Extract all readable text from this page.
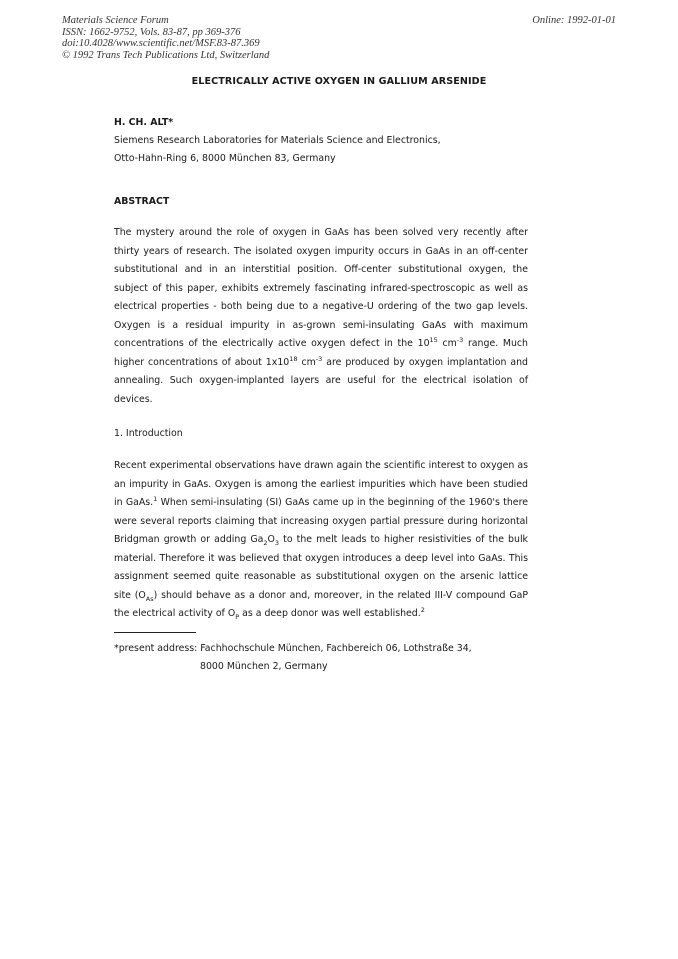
Materials Science Forum
ISSN: 1662-9752, Vols. 83-87, pp 369-376
doi:10.4028/www.scientific.net/MSF.83-87.369
© 1992 Trans Tech Publications Ltd, Switzerland
Online: 1992-01-01
ELECTRICALLY ACTIVE OXYGEN IN GALLIUM ARSENIDE
H. CH. ALT*
Siemens Research Laboratories for Materials Science and Electronics,
Otto-Hahn-Ring 6, 8000 München 83, Germany
ABSTRACT

The mystery around the role of oxygen in GaAs has been solved very recently after thirty years of research. The isolated oxygen impurity occurs in GaAs in an off-center substitutional and in an interstitial position. Off-center substitutional oxygen, the subject of this paper, exhibits extremely fascinating infrared-spectroscopic as well as electrical properties - both being due to a negative-U ordering of the two gap levels. Oxygen is a residual impurity in as-grown semi-insulating GaAs with maximum concentrations of the electrically active oxygen defect in the $10^{15}$ $cm^{-3}$ range. Much higher concentrations of about $1x10^{18}$ $cm^{-3}$ are produced by oxygen implantation and annealing. Such oxygen-implanted layers are useful for the electrical isolation of devices.

1. Introduction

Recent experimental observations have drawn again the scientific interest to oxygen as an impurity in GaAs. Oxygen is among the earliest impurities which have been studied in GaAs.$^1$ When semi-insulating (SI) GaAs came up in the beginning of the 1960's there were several reports claiming that increasing oxygen partial pressure during horizontal Bridgman growth or adding $Ga_2O_3$ to the melt leads to higher resistivities of the bulk material. Therefore it was believed that oxygen introduces a deep level into GaAs. This assignment seemed quite reasonable as substitutional oxygen on the arsenic lattice site $(O_{As})$ should behave as a donor and, moreover, in the related III-V compound GaP the electrical activity of $O_P$ as a deep donor was well established.$^2$

*present address: Fachhochschule München, Fachbereich 06, Lothstraße 34,
8000 München 2, Germany
